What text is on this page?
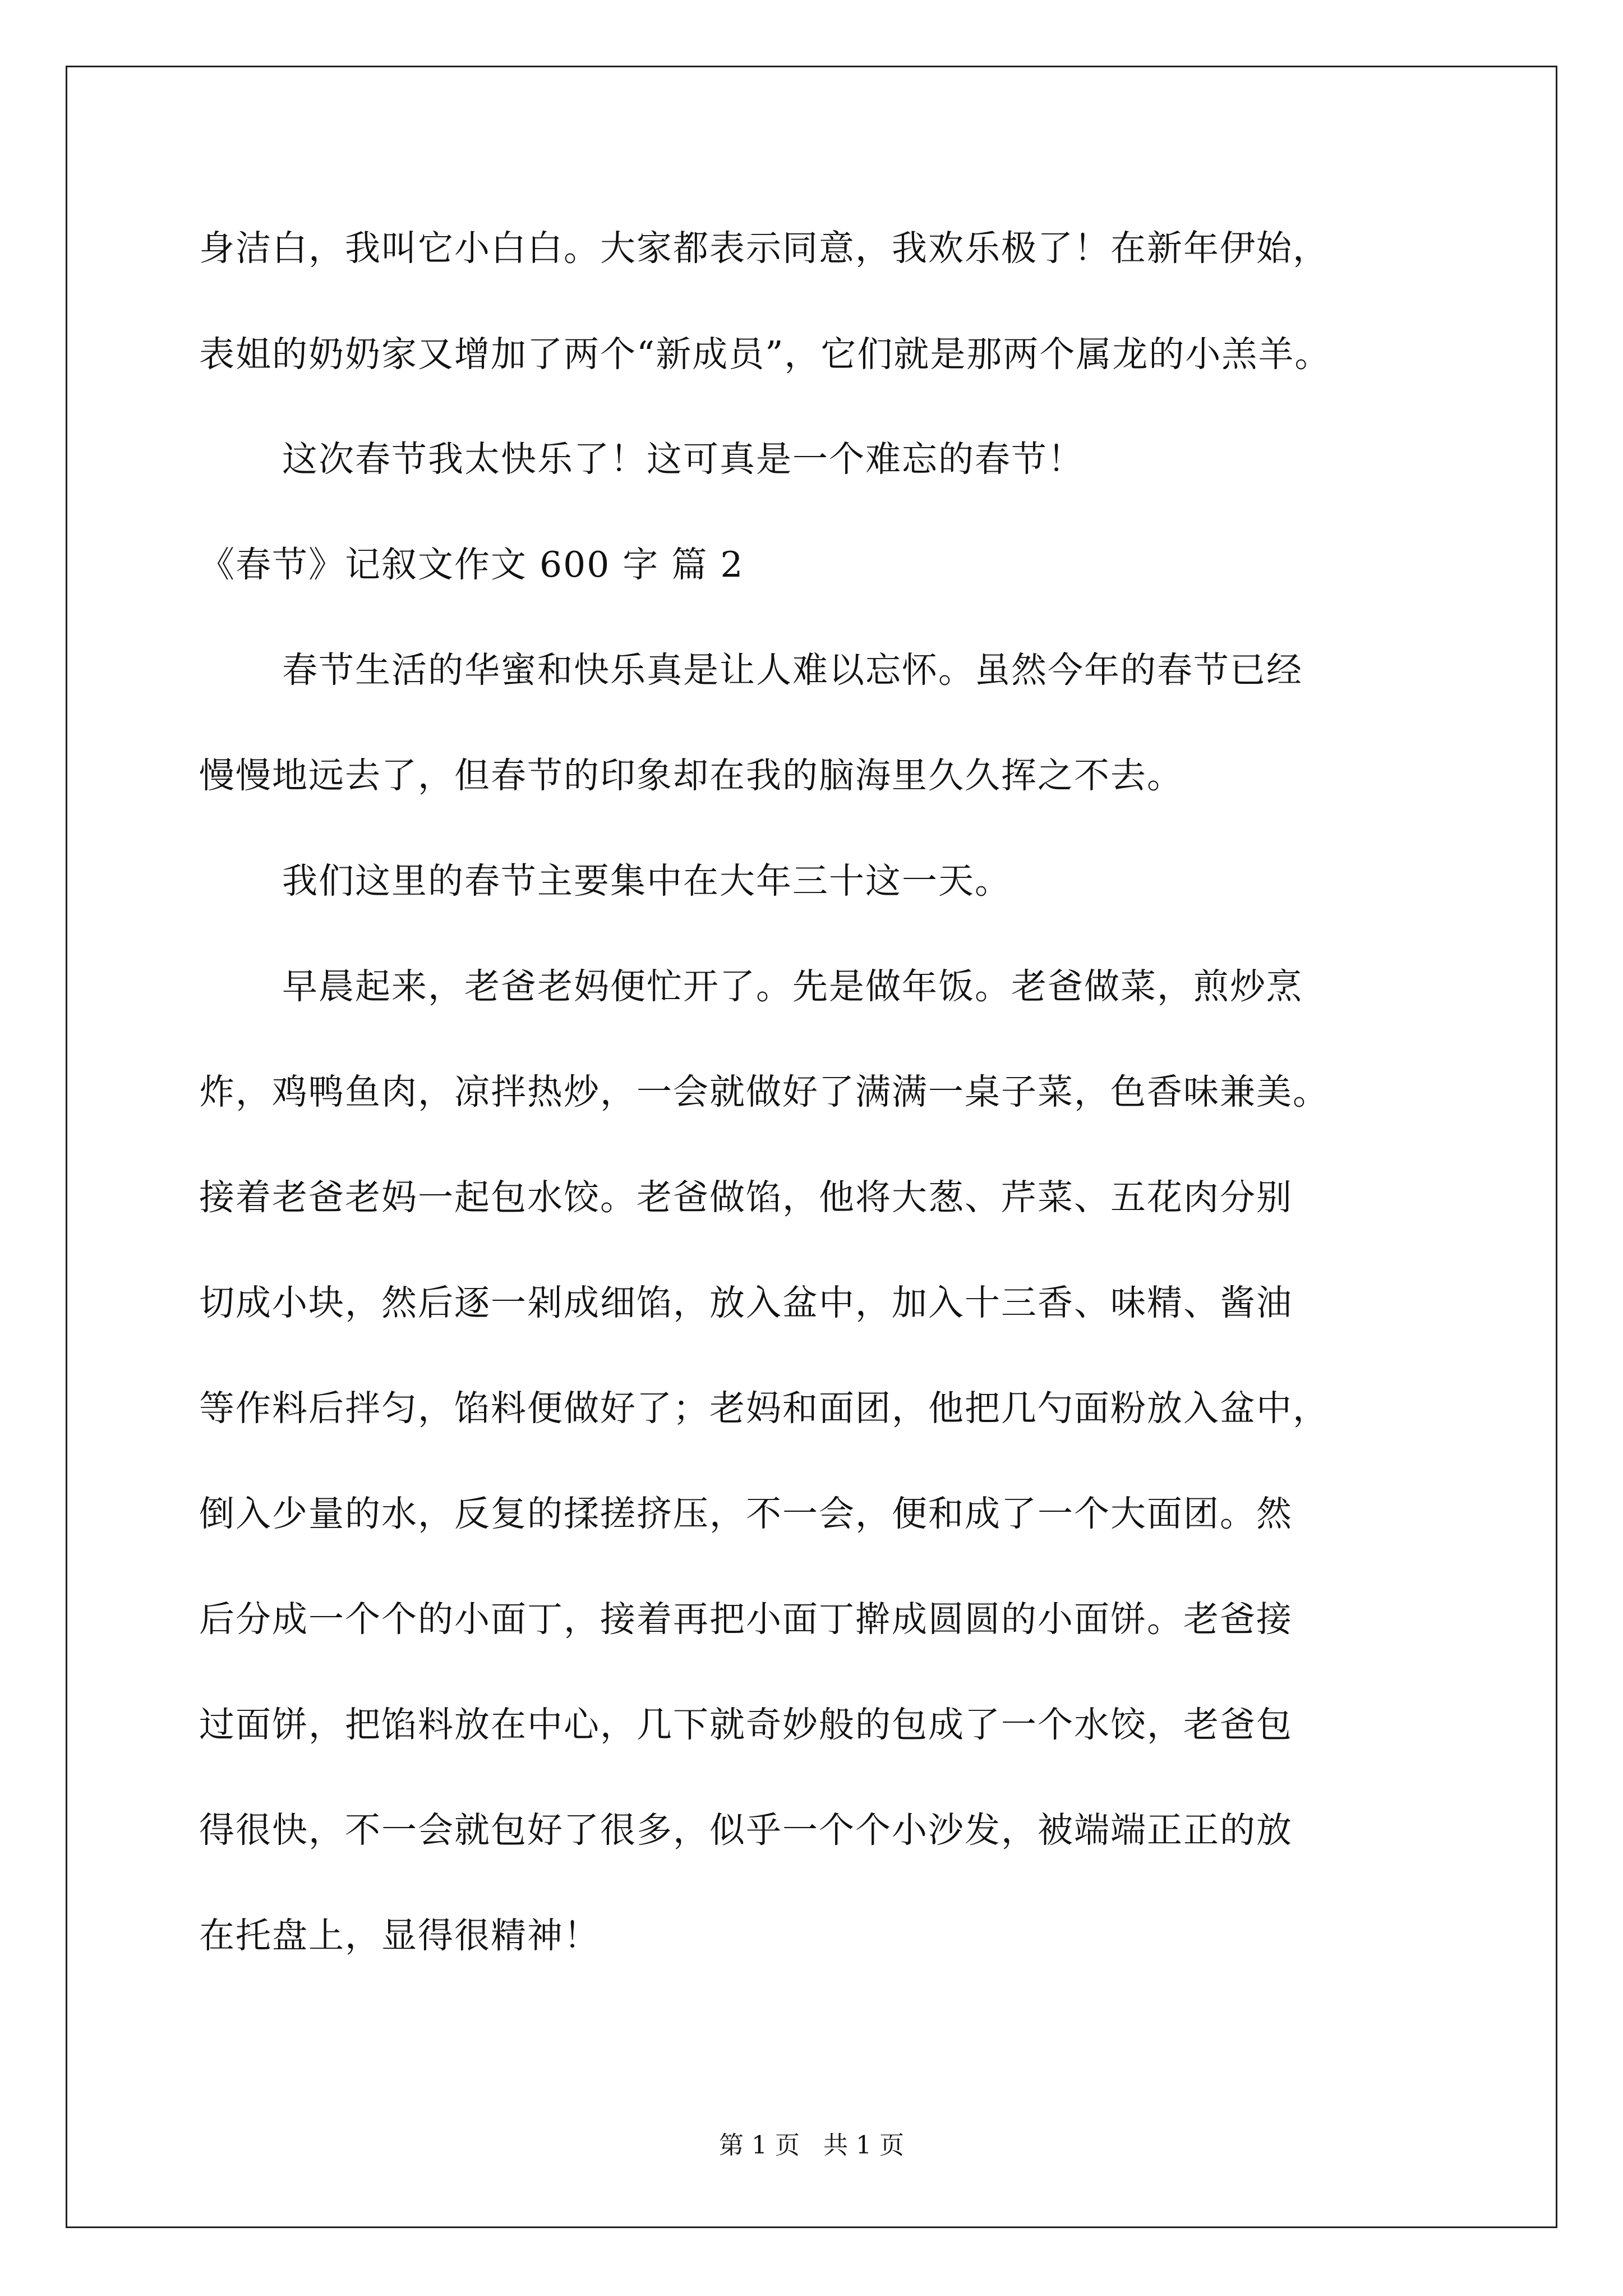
身洁白，我叫它小白白。大家都表示同意，我欢乐极了！在新年伊始，
表姐的奶奶家又增加了两个“新成员”，它们就是那两个属龙的小羔羊。
这次春节我太快乐了！这可真是一个难忘的春节！
《春节》记叙文作文 600 字 篇 2
春节生活的华蜜和快乐真是让人难以忘怀。虽然今年的春节已经
慢慢地远去了，但春节的印象却在我的脑海里久久挥之不去。
我们这里的春节主要集中在大年三十这一天。
早晨起来，老爸老妈便忙开了。先是做年饭。老爸做菜，煎炒烹
炸，鸡鸭鱼肉，凉拌热炒，一会就做好了满满一桌子菜，色香味兼美。
接着老爸老妈一起包水饺。老爸做馅，他将大葱、芹菜、五花肉分别
切成小块，然后逐一剁成细馅，放入盆中，加入十三香、味精、酱油
等作料后拌匀，馅料便做好了；老妈和面团，他把几勺面粉放入盆中，
倒入少量的水，反复的揉搓挤压，不一会，便和成了一个大面团。然
后分成一个个的小面丁，接着再把小面丁擀成圆圆的小面饼。老爸接
过面饼，把馅料放在中心，几下就奇妙般的包成了一个水饺，老爸包
得很快，不一会就包好了很多，似乎一个个小沙发，被端端正正的放
在托盘上，显得很精神！
第 1 页   共 1 页
